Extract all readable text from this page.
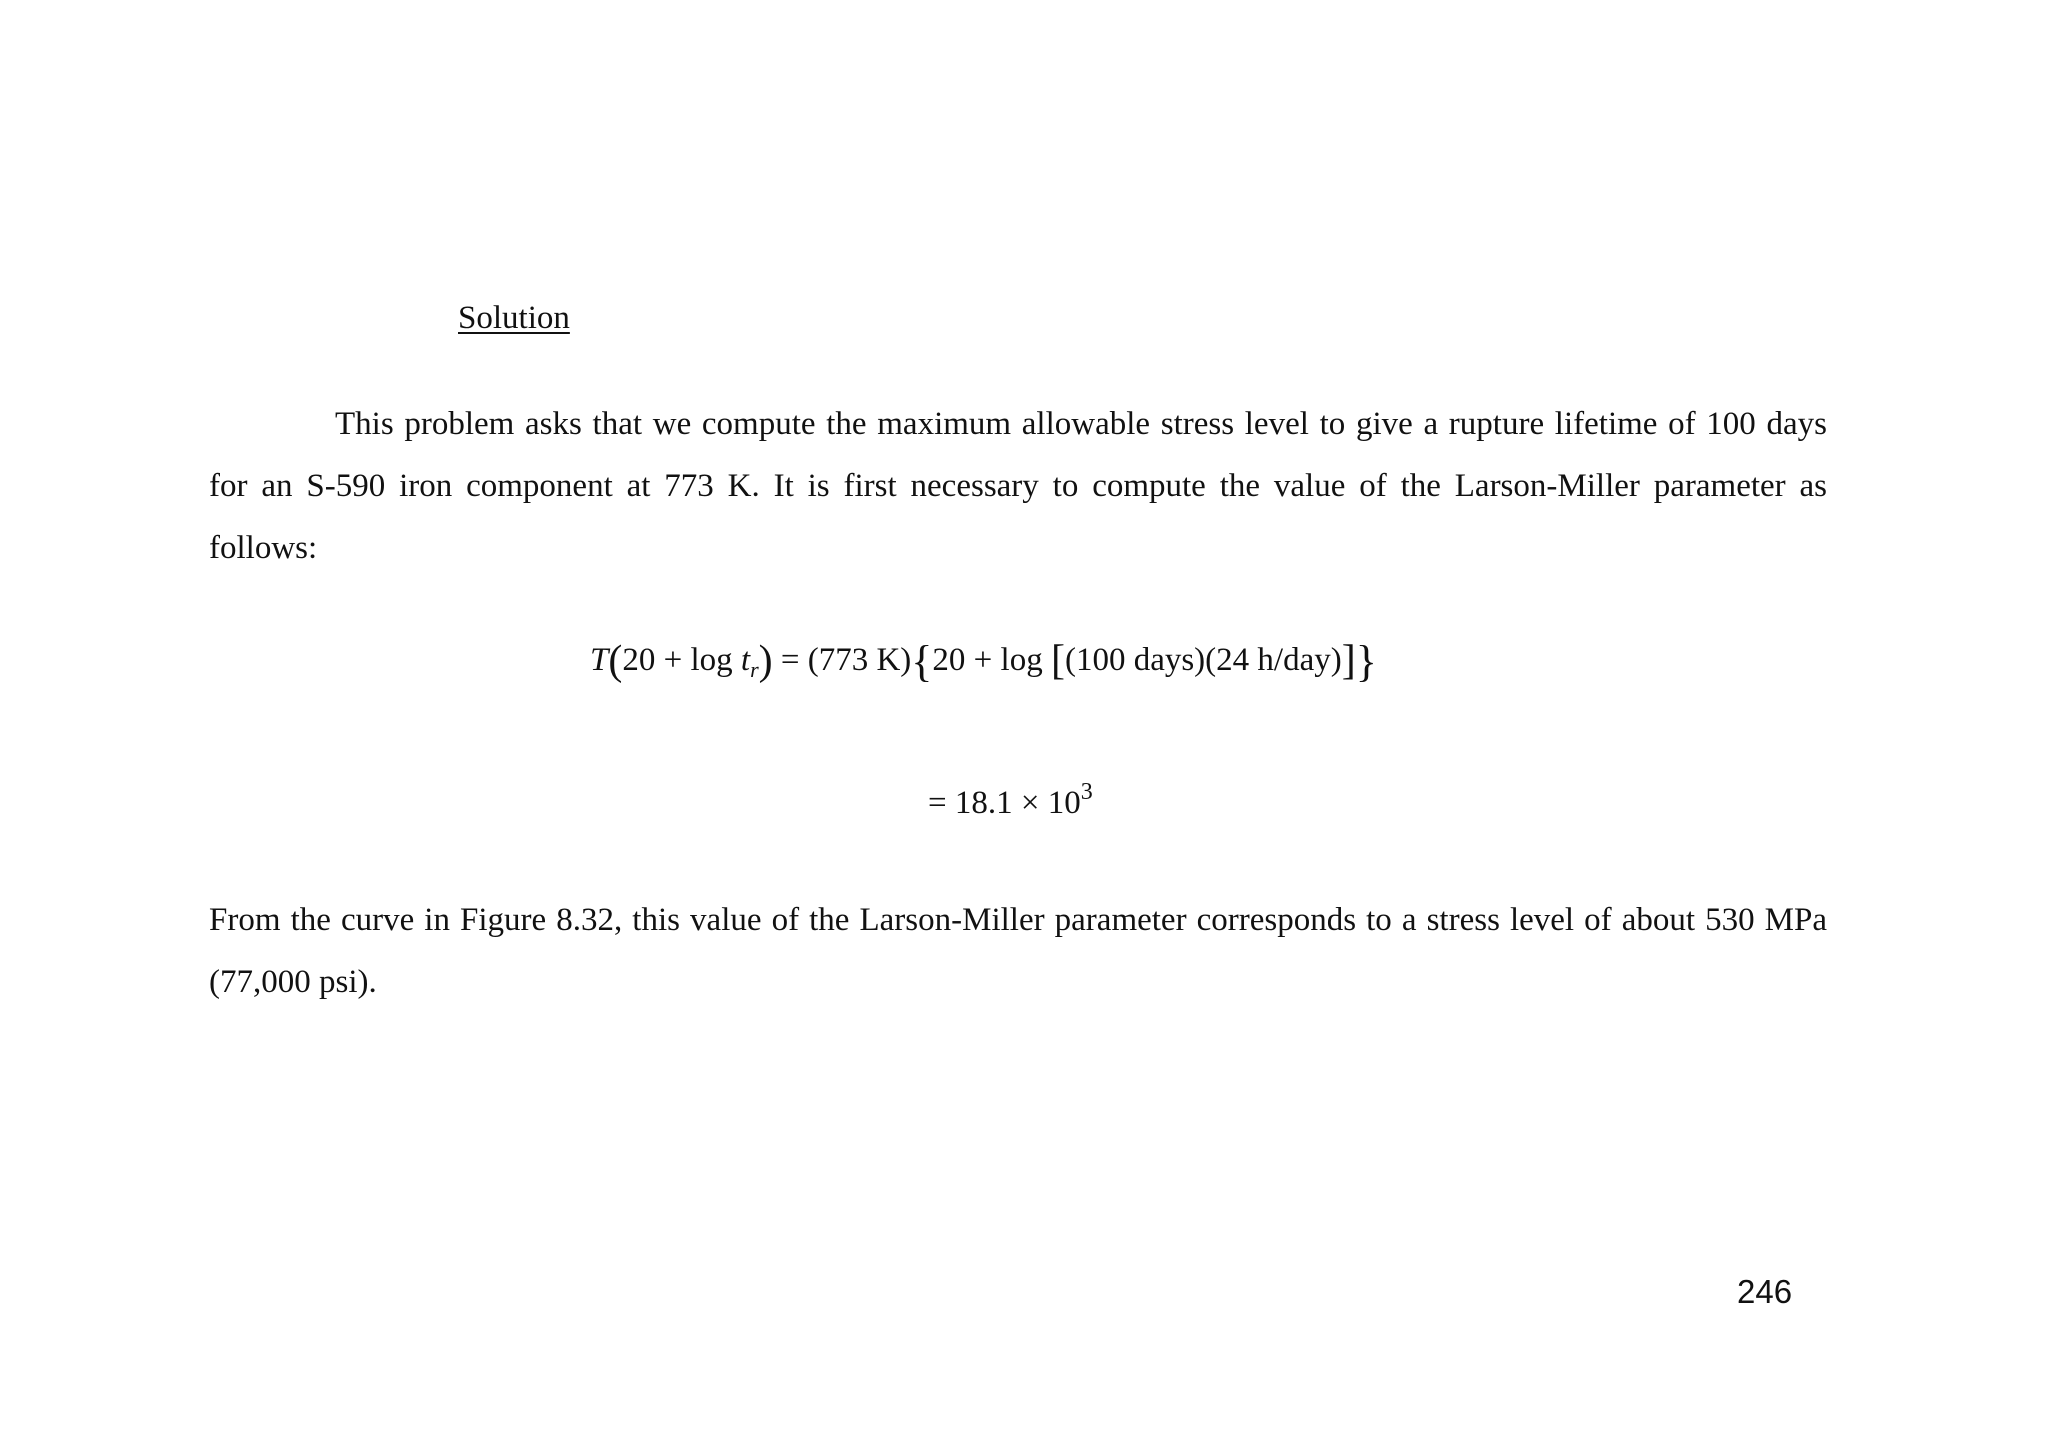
Solution

This problem asks that we compute the maximum allowable stress level to give a rupture lifetime of 100 days for an S-590 iron component at 773 K. It is first necessary to compute the value of the Larson-Miller parameter as follows:

$T(20 + \log t_r) = (773$ K){20 + log [(100 days)(24 h/day)]}
= $18.1 \times 10^3$

From the curve in Figure 8.32, this value of the Larson-Miller parameter corresponds to a stress level of about 530 MPa (77,000 psi).

246
